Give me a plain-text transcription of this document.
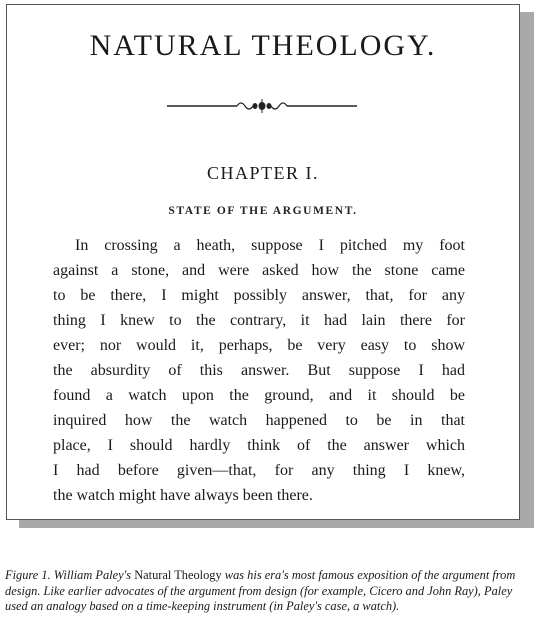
NATURAL THEOLOGY.
CHAPTER I.
STATE OF THE ARGUMENT.
In crossing a heath, suppose I pitched my foot
against a stone, and were asked how the stone came
to be there, I might possibly answer, that, for any
thing I knew to the contrary, it had lain there for
ever; nor would it, perhaps, be very easy to show
the absurdity of this answer. But suppose I had
found a watch upon the ground, and it should be
inquired how the watch happened to be in that
place, I should hardly think of the answer which
I had before given—that, for any thing I knew,
the watch might have always been there.
Figure 1. William Paley's Natural Theology was his era's most famous exposition of the argument from design. Like earlier advocates of the argument from design (for example, Cicero and John Ray), Paley used an analogy based on a time-keeping instrument (in Paley's case, a watch).
